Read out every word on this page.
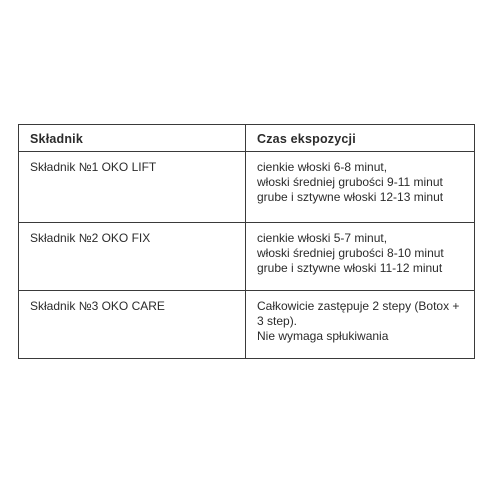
Składnik	Czas ekspozycji

Składnik №1 OKO LIFT	cienkie włoski 6-8 minut,
włoski średniej grubości 9-11 minut
grube i sztywne włoski 12-13 minut

Składnik №2 OKO FIX	cienkie włoski 5-7 minut,
włoski średniej grubości 8-10 minut
grube i sztywne włoski 11-12 minut

Składnik №3 OKO CARE	Całkowicie zastępuje 2 stepy (Botox + 3 step).
Nie wymaga spłukiwania
